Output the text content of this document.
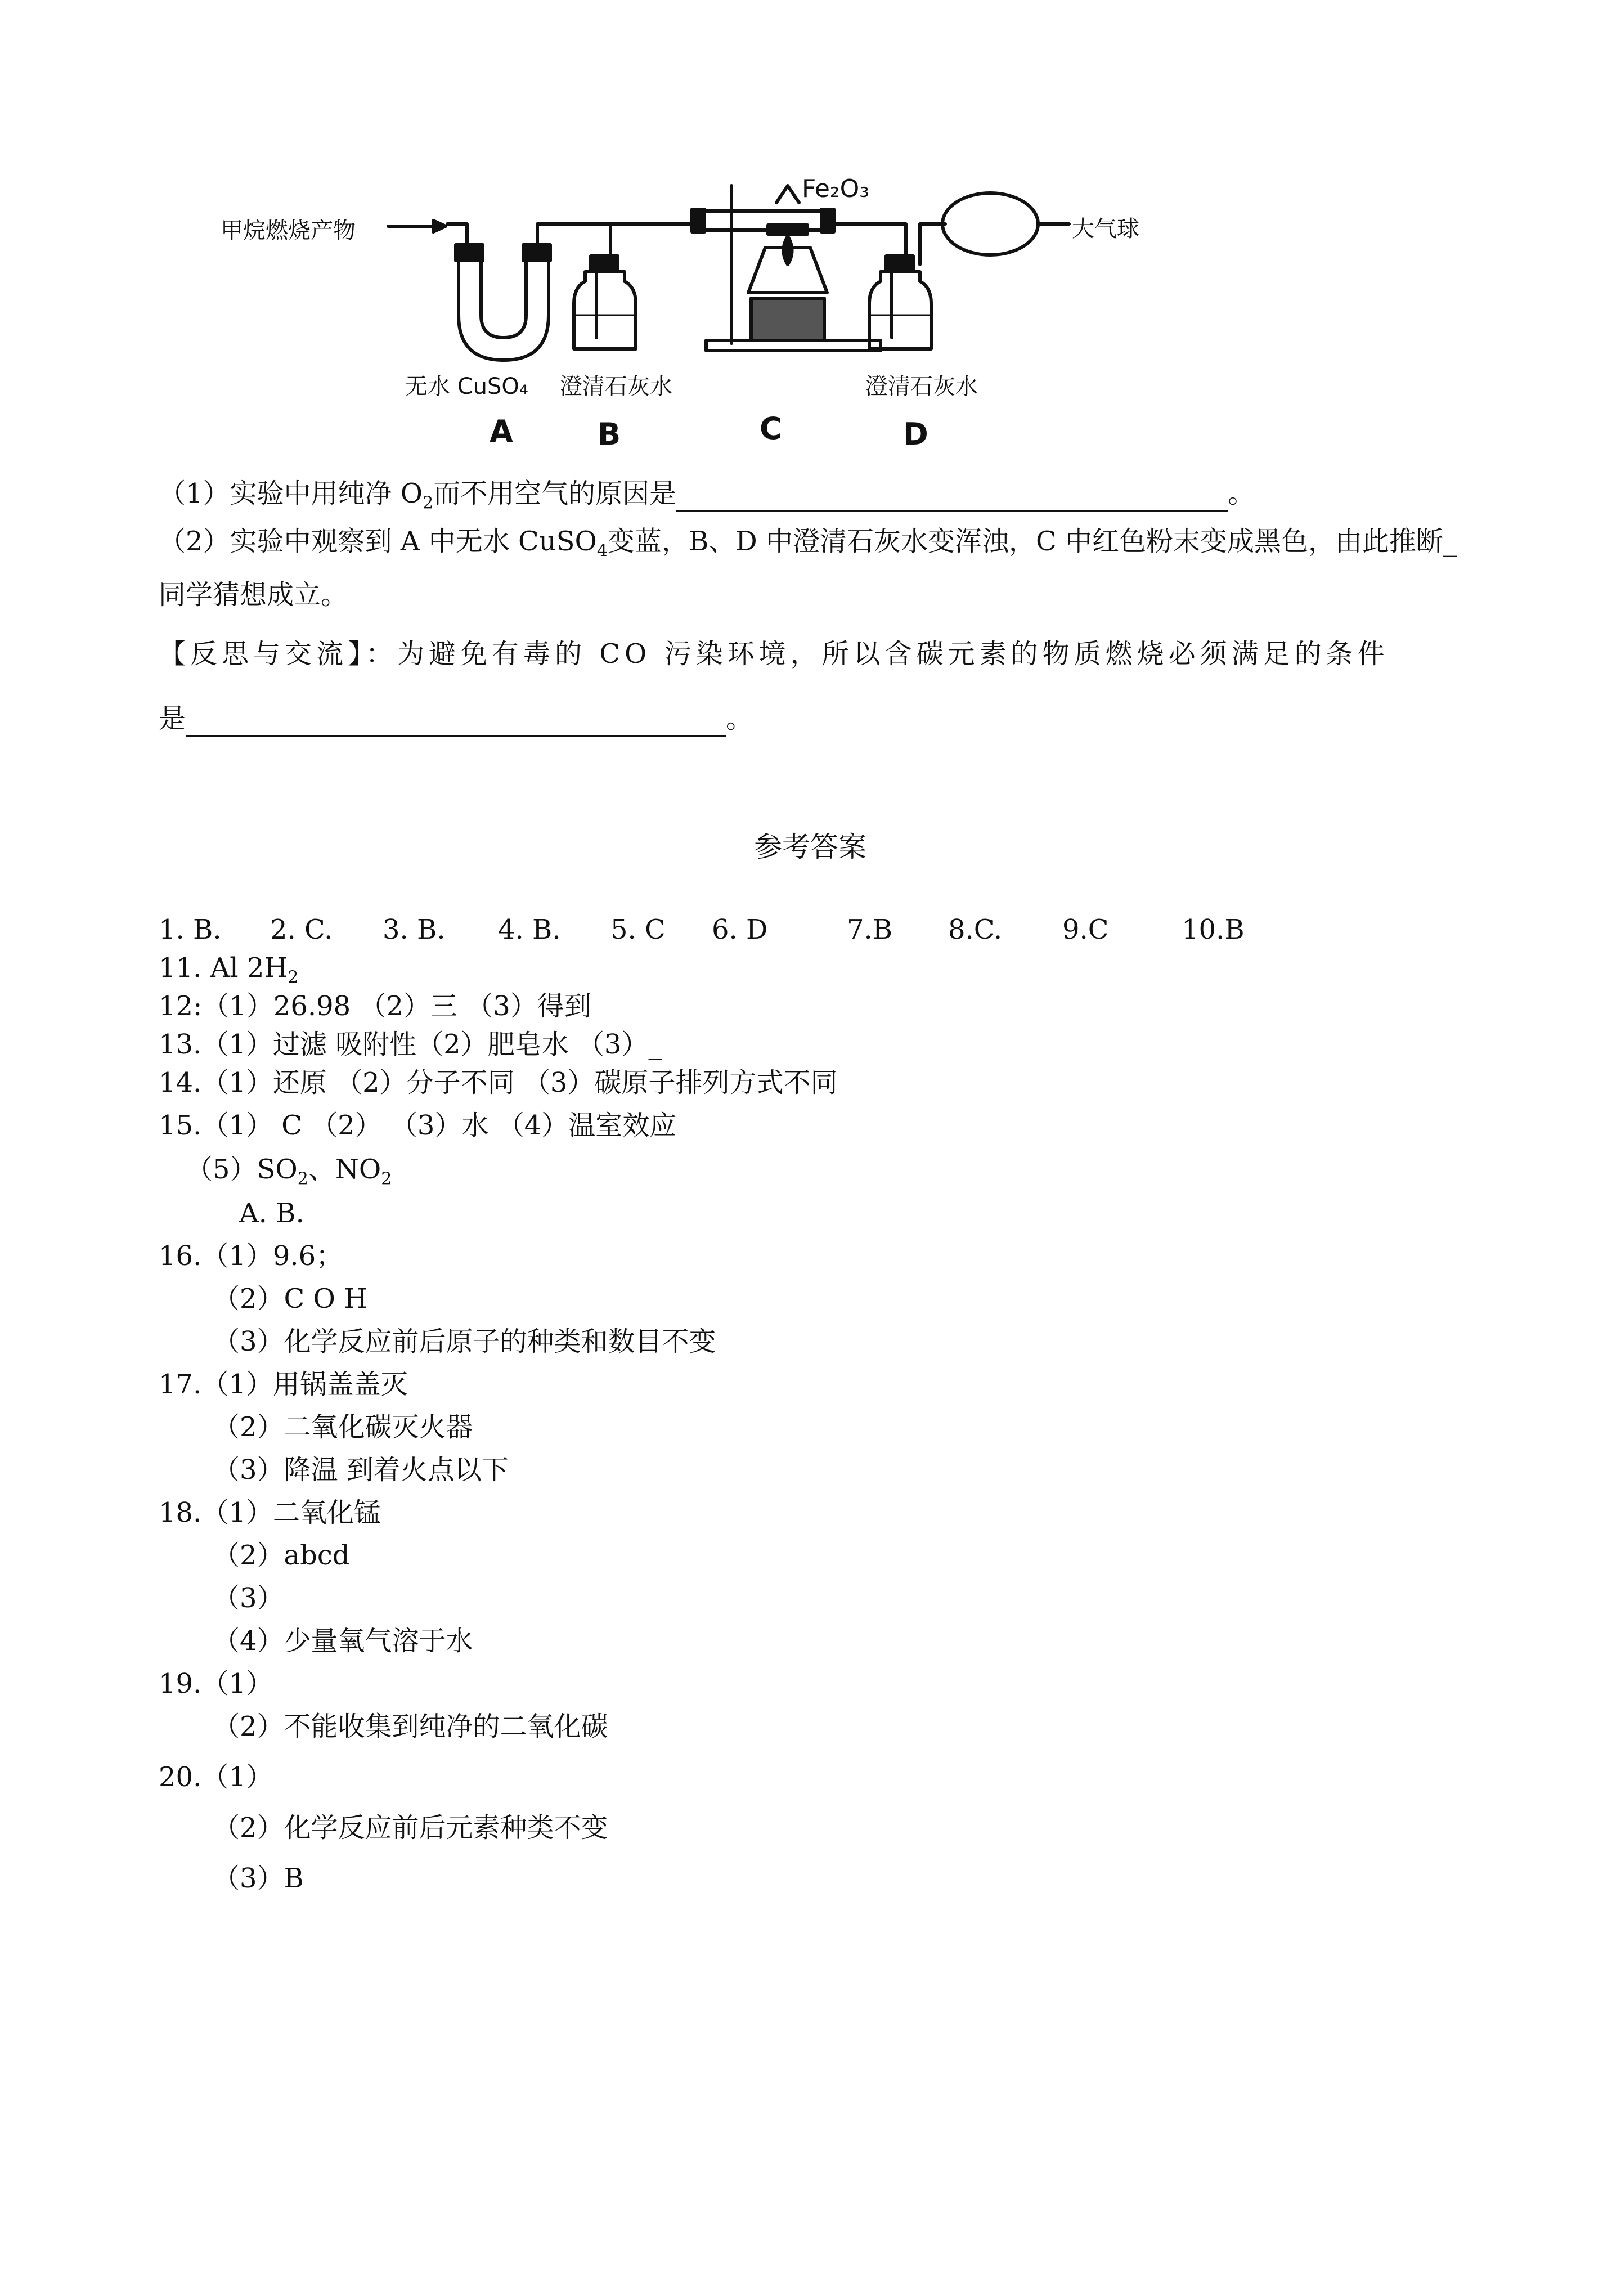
甲烷燃烧产物
Fe₂O₃
大气球
无水 CuSO₄ 澄清石灰水	澄清石灰水
A	B	C	D
（1）实验中用纯净 $O_2$而不用空气的原因是	。
（2）实验中观察到 A 中无水 CuSO$_4$变蓝，B、D 中澄清石灰水变浑浊，C 中红色粉末变成黑色，由此推断_
同学猜想成立。
【反思与交流】：为避免有毒的 CO 污染环境，所以含碳元素的物质燃烧必须满足的条件
是	。
参考答案
1. B. 2. C. 3. B. 4. B. 5. C 6. D	7.B 8.C. 9.C	10.B
11. Al $2H_2$
12:（1）26.98 （2）三 （3）得到
13.（1）过滤 吸附性（2）肥皂水 （3）_
14.（1）还原 （2）分子不同 （3）碳原子排列方式不同
15.（1） C （2） （3）水 （4）温室效应
$(5)SO_2$、$NO_2$
A. B.
16.（1）9.6；
（2）C O H
（3）化学反应前后原子的种类和数目不变
17.（1）用锅盖盖灭
（2）二氧化碳灭火器
（3）降温 到着火点以下
18.（1）二氧化锰
（2）abcd
（3）
（4）少量氧气溶于水
19.（1）
（2）不能收集到纯净的二氧化碳
20.（1）
（2）化学反应前后元素种类不变
（3）B
